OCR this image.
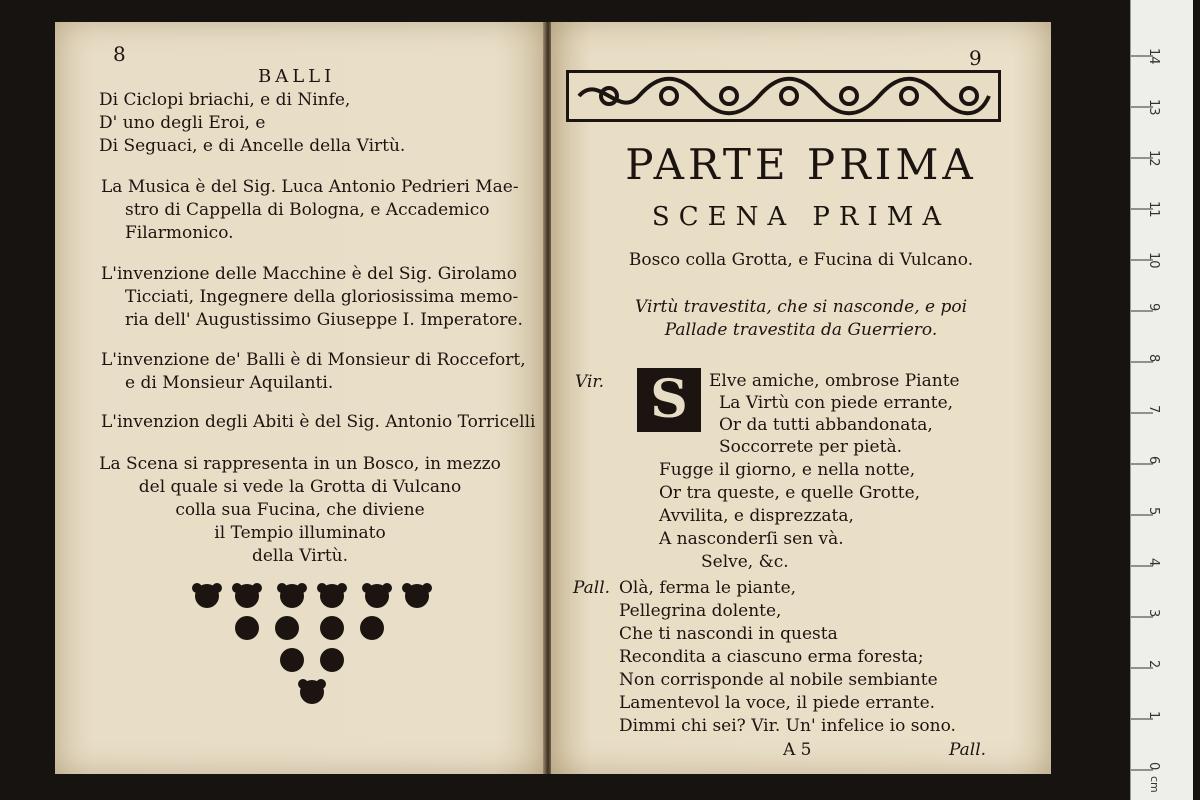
8
BALLI
Di Ciclopi briachi, e di Ninfe,
D' uno degli Eroi, e
Di Seguaci, e di Ancelle della Virtù.
La Musica è del Sig. Luca Antonio Pedrieri Mae-
stro di Cappella di Bologna, e Accademico
Filarmonico.
L'invenzione delle Macchine è del Sig. Girolamo
Ticciati, Ingegnere della gloriosissima memo-
ria dell' Augustissimo Giuseppe I. Imperatore.
L'invenzione de' Balli è di Monsieur di Roccefort,
e di Monsieur Aquilanti.
L'invenzion degli Abiti è del Sig. Antonio Torricelli
La Scena si rappresenta in un Bosco, in mezzo
del quale si vede la Grotta di Vulcano
colla sua Fucina, che diviene
il Tempio illuminato
della Virtù.
9
PARTE PRIMA
SCENA PRIMA
Bosco colla Grotta, e Fucina di Vulcano.
Virtù travestita, che si nasconde, e poi
Pallade travestita da Guerriero.
Vir. S	Elve amiche, ombrose Piante
La Virtù con piede errante,
Or da tutti abbandonata,
Soccorrete per pietà.
Fugge il giorno, e nella notte,
Or tra queste, e quelle Grotte,
Avvilita, e disprezzata,
A nasconderſi sen và.
Selve, &c.
Pall. Olà, ferma le piante,
Pellegrina dolente,
Che ti nascondi in questa
Recondita a ciascuno erma foresta;
Non corrisponde al nobile sembiante
Lamentevol la voce, il piede errante.
Dimmi chi sei? Vir. Un' infelice io sono.
A 5	Pall.
0
1
2
3
4
5
6
7
8
9
10
11
12
13
14
cm
